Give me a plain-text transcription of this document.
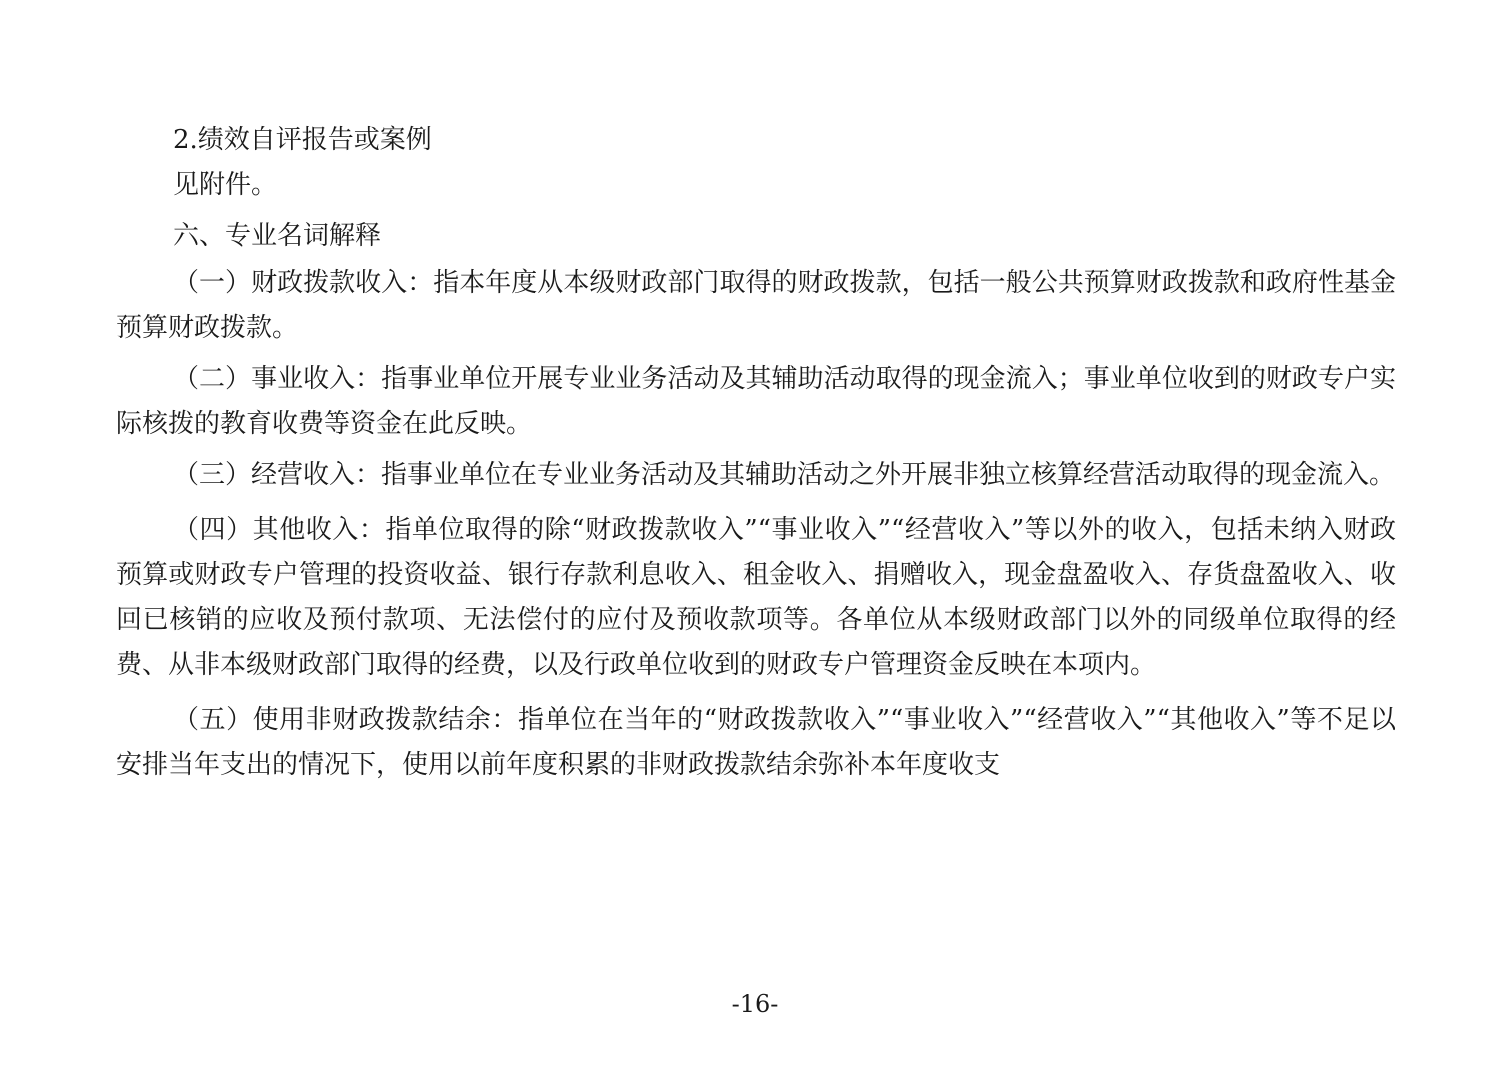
2.绩效自评报告或案例

见附件。

六、专业名词解释

（一）财政拨款收入：指本年度从本级财政部门取得的财政拨款，包括一般公共预算财政拨款和政府性基金预算财政拨款。

（二）事业收入：指事业单位开展专业业务活动及其辅助活动取得的现金流入；事业单位收到的财政专户实际核拨的教育收费等资金在此反映。

（三）经营收入：指事业单位在专业业务活动及其辅助活动之外开展非独立核算经营活动取得的现金流入。

（四）其他收入：指单位取得的除“财政拨款收入”“事业收入”“经营收入”等以外的收入，包括未纳入财政预算或财政专户管理的投资收益、银行存款利息收入、租金收入、捐赠收入，现金盘盈收入、存货盘盈收入、收回已核销的应收及预付款项、无法偿付的应付及预收款项等。各单位从本级财政部门以外的同级单位取得的经费、从非本级财政部门取得的经费，以及行政单位收到的财政专户管理资金反映在本项内。

（五）使用非财政拨款结余：指单位在当年的“财政拨款收入”“事业收入”“经营收入”“其他收入”等不足以安排当年支出的情况下，使用以前年度积累的非财政拨款结余弥补本年度收支

-16-
